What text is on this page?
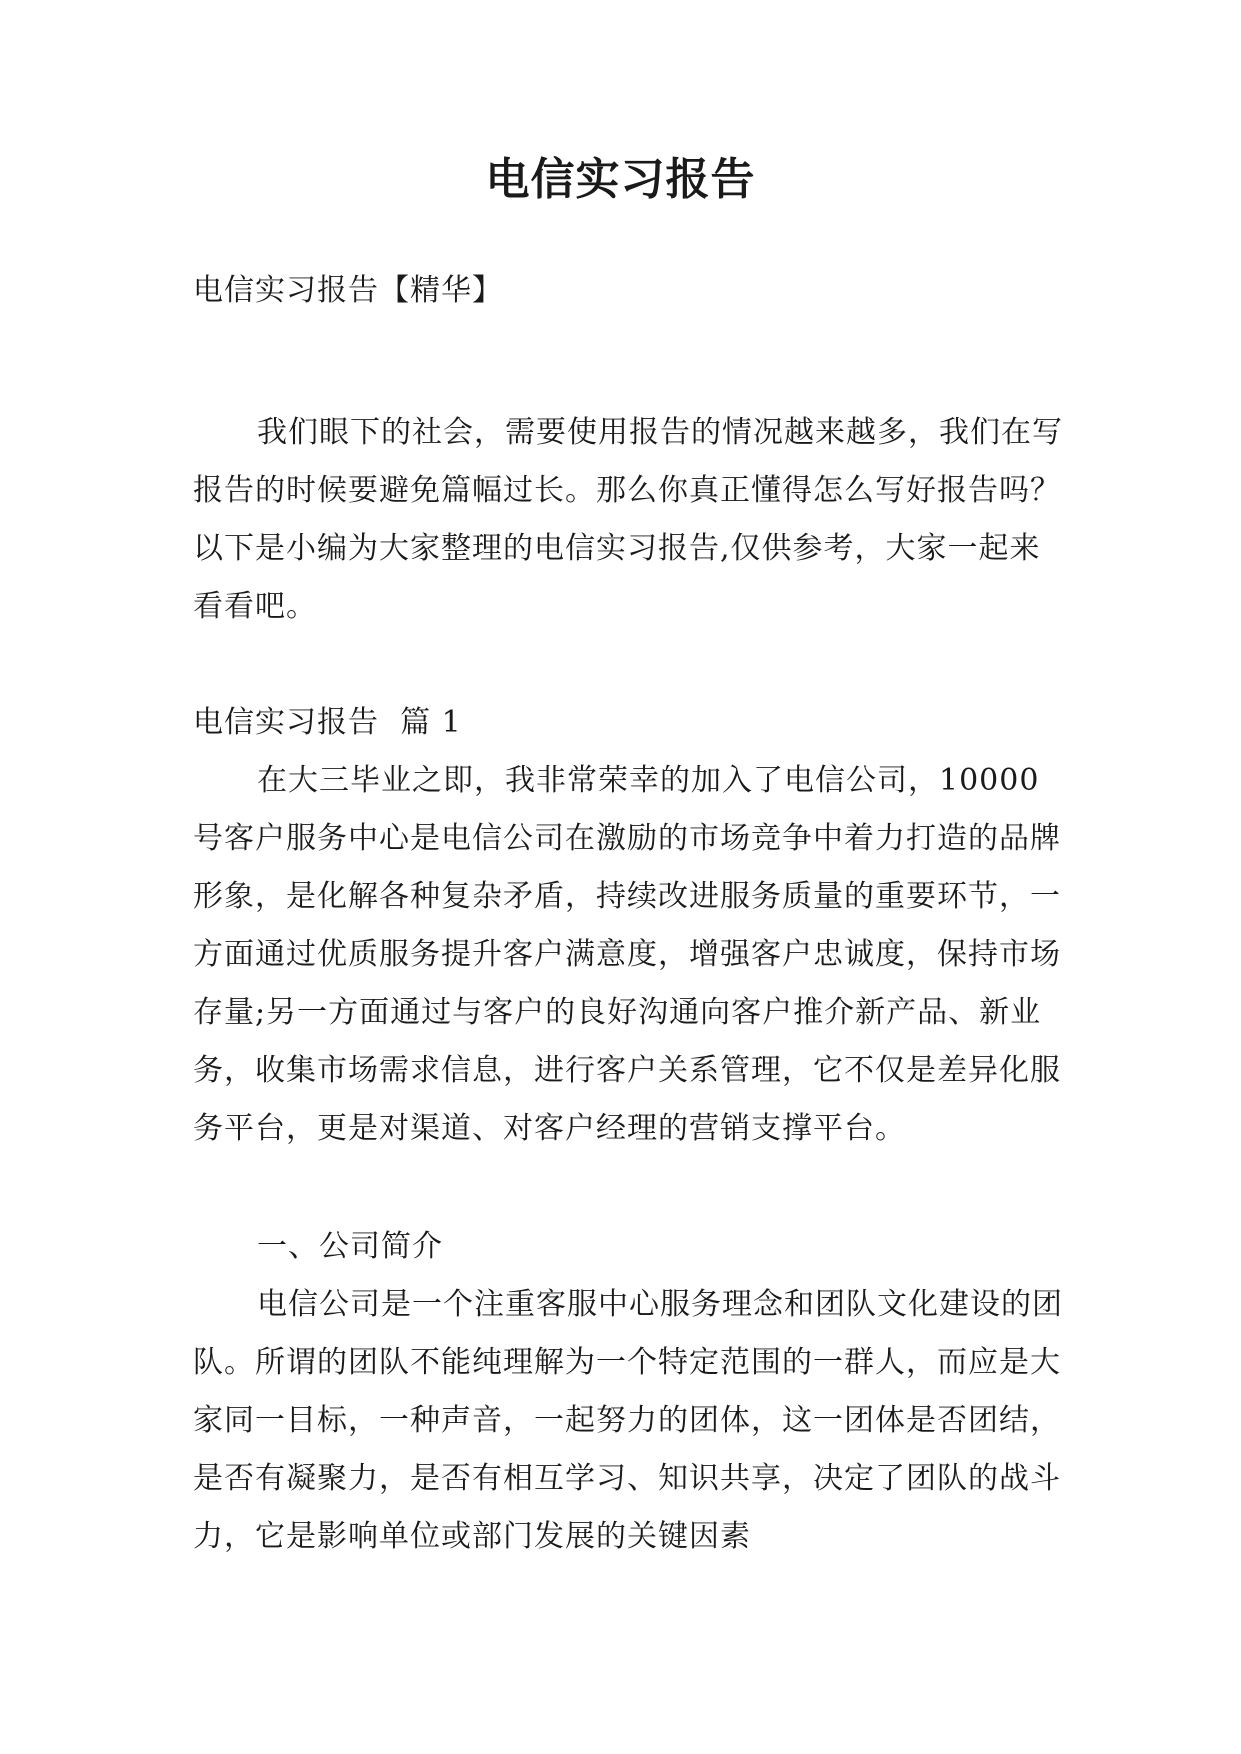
电信实习报告

电信实习报告【精华】

我们眼下的社会，需要使用报告的情况越来越多，我们在写报告的时候要避免篇幅过长。那么你真正懂得怎么写好报告吗？以下是小编为大家整理的电信实习报告,仅供参考，大家一起来看看吧。

电信实习报告  篇 1

在大三毕业之即，我非常荣幸的加入了电信公司，10000号客户服务中心是电信公司在激励的市场竞争中着力打造的品牌形象，是化解各种复杂矛盾，持续改进服务质量的重要环节，一方面通过优质服务提升客户满意度，增强客户忠诚度，保持市场存量;另一方面通过与客户的良好沟通向客户推介新产品、新业务，收集市场需求信息，进行客户关系管理，它不仅是差异化服务平台，更是对渠道、对客户经理的营销支撑平台。

一、公司简介

电信公司是一个注重客服中心服务理念和团队文化建设的团队。所谓的团队不能纯理解为一个特定范围的一群人，而应是大家同一目标，一种声音，一起努力的团体，这一团体是否团结，是否有凝聚力，是否有相互学习、知识共享，决定了团队的战斗力，它是影响单位或部门发展的关键因素
